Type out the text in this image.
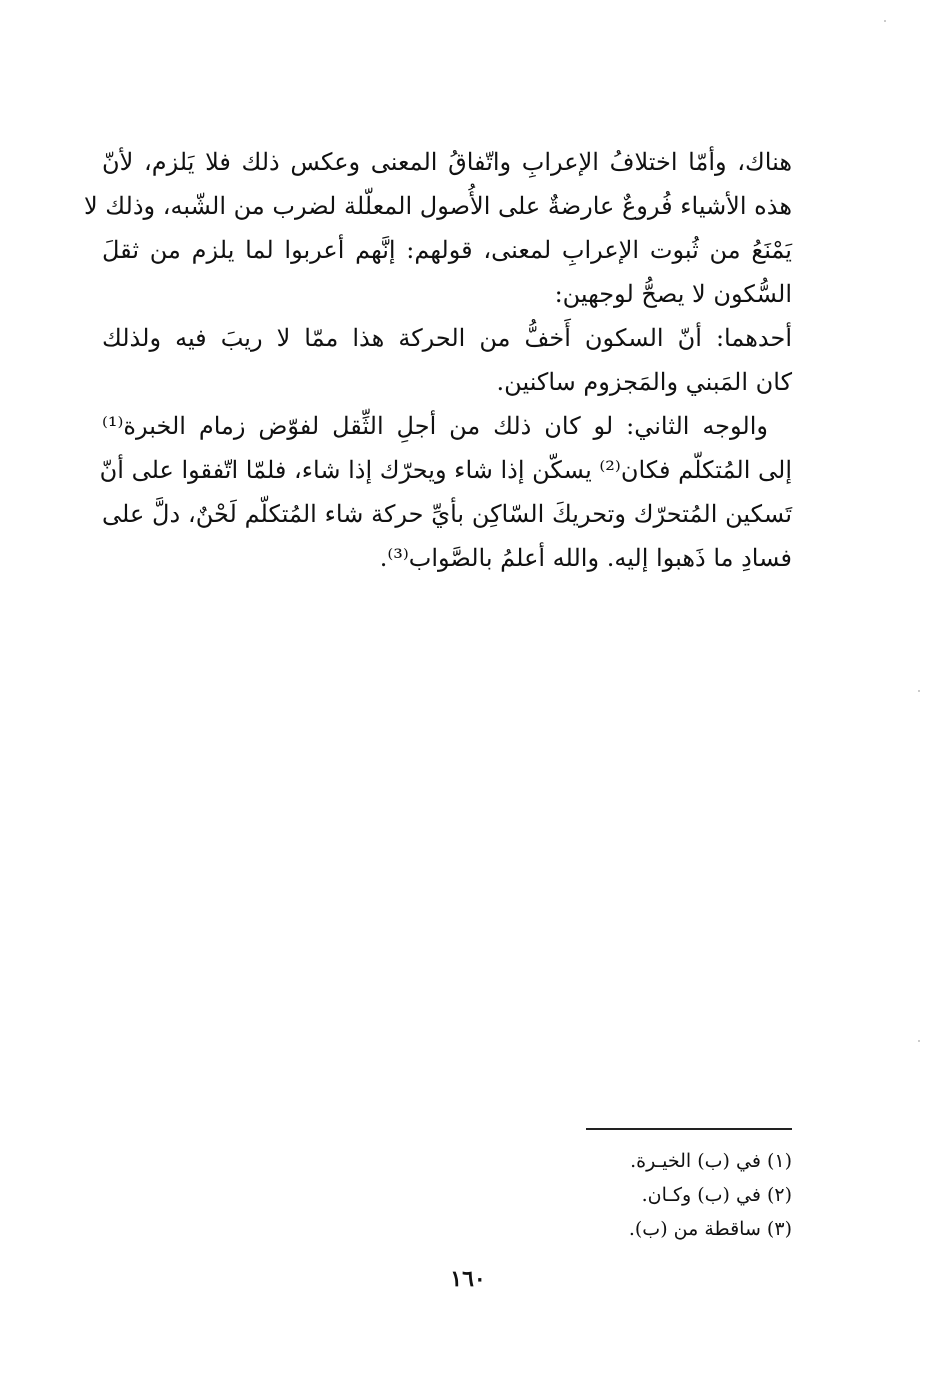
هناك، وأمّا اختلافُ الإعرابِ واتّفاقُ المعنى وعكس ذلك فلا يَلزم، لأنّ
هذه الأشياء فُروعٌ عارضةٌ على الأُصول المعلّلة لضرب من الشّبه، وذلك لا
يَمْنَعُ من ثُبوت الإعرابِ لمعنى، قولهم: إنَّهم أعربوا لما يلزم من ثقلَ
السُّكون لا يصحُّ لوجهين:
أحدهما: أنّ السكون أَخفُّ من الحركة هذا ممّا لا ريبَ فيه ولذلك
كان المَبني والمَجزوم ساكنين.
والوجه الثاني: لو كان ذلك من أجلِ الثِّقل لفوّض زمام الخبرة⁽¹⁾
إلى المُتكلّم فكان⁽²⁾ يسكّن إذا شاء ويحرّك إذا شاء، فلمّا اتّفقوا على أنّ
تَسكين المُتحرّك وتحريكَ السّاكِن بأيِّ حركة شاء المُتكلّم لَحْنٌ، دلَّ على
فسادِ ما ذَهبوا إليه. والله أعلمُ بالصَّواب⁽³⁾.
(١) في (ب) الخيـرة.
(٢) في (ب) وكـان.
(٣) ساقطة من (ب).
١٦٠
